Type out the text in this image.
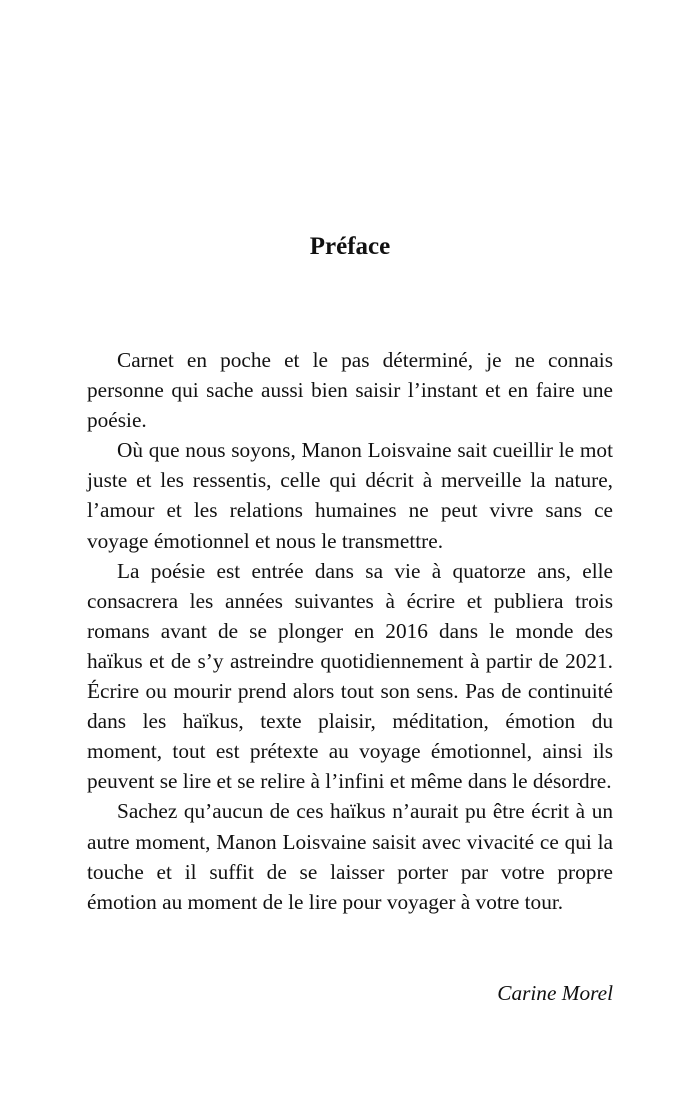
Préface

Carnet en poche et le pas déterminé, je ne connais personne qui sache aussi bien saisir l’instant et en faire une poésie.

Où que nous soyons, Manon Loisvaine sait cueillir le mot juste et les ressentis, celle qui décrit à merveille la nature, l’amour et les relations humaines ne peut vivre sans ce voyage émotionnel et nous le transmettre.

La poésie est entrée dans sa vie à quatorze ans, elle consacrera les années suivantes à écrire et publiera trois romans avant de se plonger en 2016 dans le monde des haïkus et de s’y astreindre quotidiennement à partir de 2021. Écrire ou mourir prend alors tout son sens. Pas de continuité dans les haïkus, texte plaisir, méditation, émotion du moment, tout est prétexte au voyage émotionnel, ainsi ils peuvent se lire et se relire à l’infini et même dans le désordre.

Sachez qu’aucun de ces haïkus n’aurait pu être écrit à un autre moment, Manon Loisvaine saisit avec vivacité ce qui la touche et il suffit de se laisser porter par votre propre émotion au moment de le lire pour voyager à votre tour.

Carine Morel
